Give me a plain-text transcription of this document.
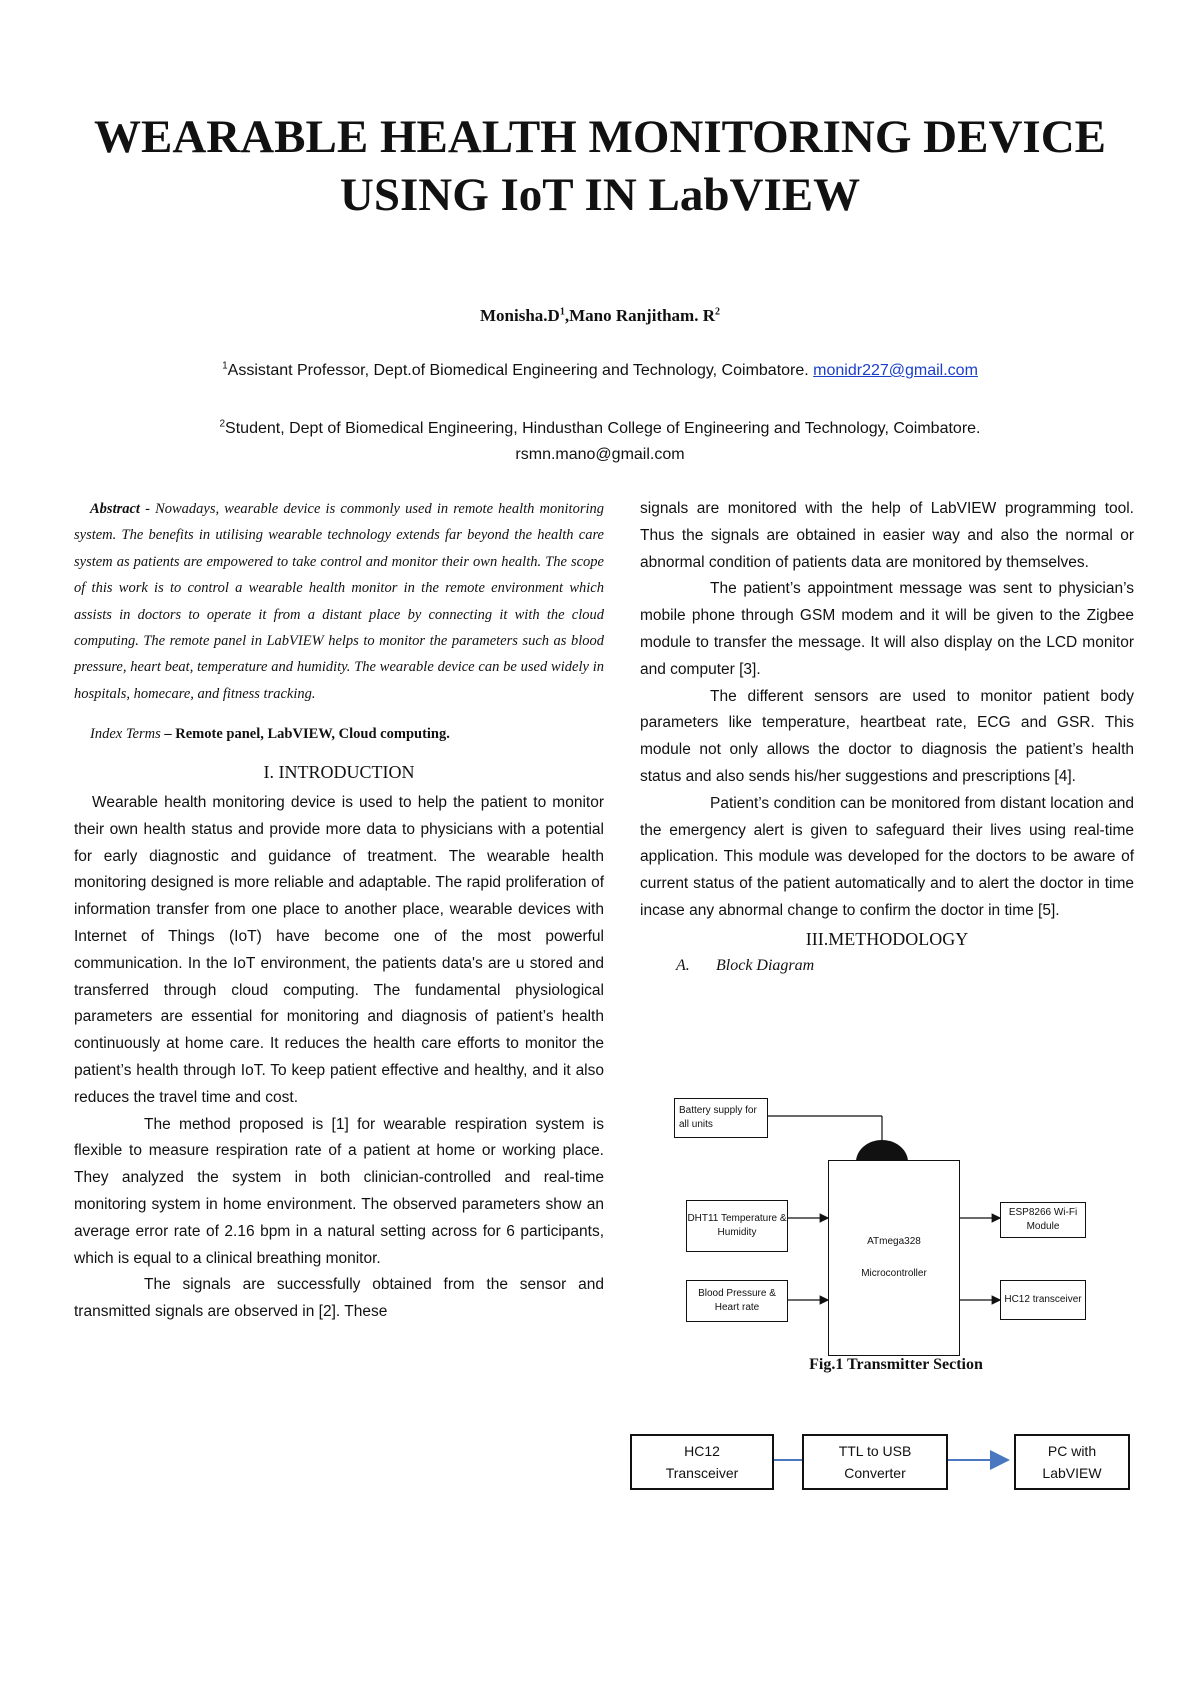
WEARABLE HEALTH MONITORING DEVICE
USING IoT IN LabVIEW

$Monisha.D^1,Mano$ Ranjitham. $R^2$

$^1$Assistant Professor, Dept.of Biomedical Engineering and Technology, Coimbatore. monidr227@gmail.com

$^2$Student, Dept of Biomedical Engineering, Hindusthan College of Engineering and Technology, Coimbatore.
rsmn.mano@gmail.com

Abstract - Nowadays, wearable device is commonly used in remote health monitoring system. The benefits in utilising wearable technology extends far beyond the health care system as patients are empowered to take control and monitor their own health. The scope of this work is to control a wearable health monitor in the remote environment which assists in doctors to operate it from a distant place by connecting it with the cloud computing. The remote panel in LabVIEW helps to monitor the parameters such as blood pressure, heart beat, temperature and humidity. The wearable device can be used widely in hospitals, homecare, and fitness tracking.

Index Terms – Remote panel, LabVIEW, Cloud computing.

I. INTRODUCTION

Wearable health monitoring device is used to help the patient to monitor their own health status and provide more data to physicians with a potential for early diagnostic and guidance of treatment. The wearable health monitoring designed is more reliable and adaptable. The rapid proliferation of information transfer from one place to another place, wearable devices with Internet of Things (IoT) have become one of the most powerful communication. In the IoT environment, the patients data's are u stored and transferred through cloud computing. The fundamental physiological parameters are essential for monitoring and diagnosis of patient’s health continuously at home care. It reduces the health care efforts to monitor the patient’s health through IoT. To keep patient effective and healthy, and it also reduces the travel time and cost.

The method proposed is [1] for wearable respiration system is flexible to measure respiration rate of a patient at home or working place. They analyzed the system in both clinician-controlled and real-time monitoring system in home environment. The observed parameters show an average error rate of 2.16 bpm in a natural setting across for 6 participants, which is equal to a clinical breathing monitor.

The signals are successfully obtained from the sensor and transmitted signals are observed in [2]. These

signals are monitored with the help of LabVIEW programming tool. Thus the signals are obtained in easier way and also the normal or abnormal condition of patients data are monitored by themselves.

The patient’s appointment message was sent to physician’s mobile phone through GSM modem and it will be given to the Zigbee module to transfer the message. It will also display on the LCD monitor and computer [3].

The different sensors are used to monitor patient body parameters like temperature, heartbeat rate, ECG and GSR. This module not only allows the doctor to diagnosis the patient’s health status and also sends his/her suggestions and prescriptions [4].

Patient’s condition can be monitored from distant location and the emergency alert is given to safeguard their lives using real-time application. This module was developed for the doctors to be aware of current status of the patient automatically and to alert the doctor in time incase any abnormal change to confirm the doctor in time [5].

III.METHODOLOGY

A. Block Diagram

Battery supply for all units
ATmega328
Microcontroller
DHT11 Temperature & Humidity
Blood Pressure & Heart rate
ESP8266 Wi-Fi Module
HC12 transceiver
Fig.1 Transmitter Section
HC12
Transceiver
TTL to USB
Converter
PC with
LabVIEW
